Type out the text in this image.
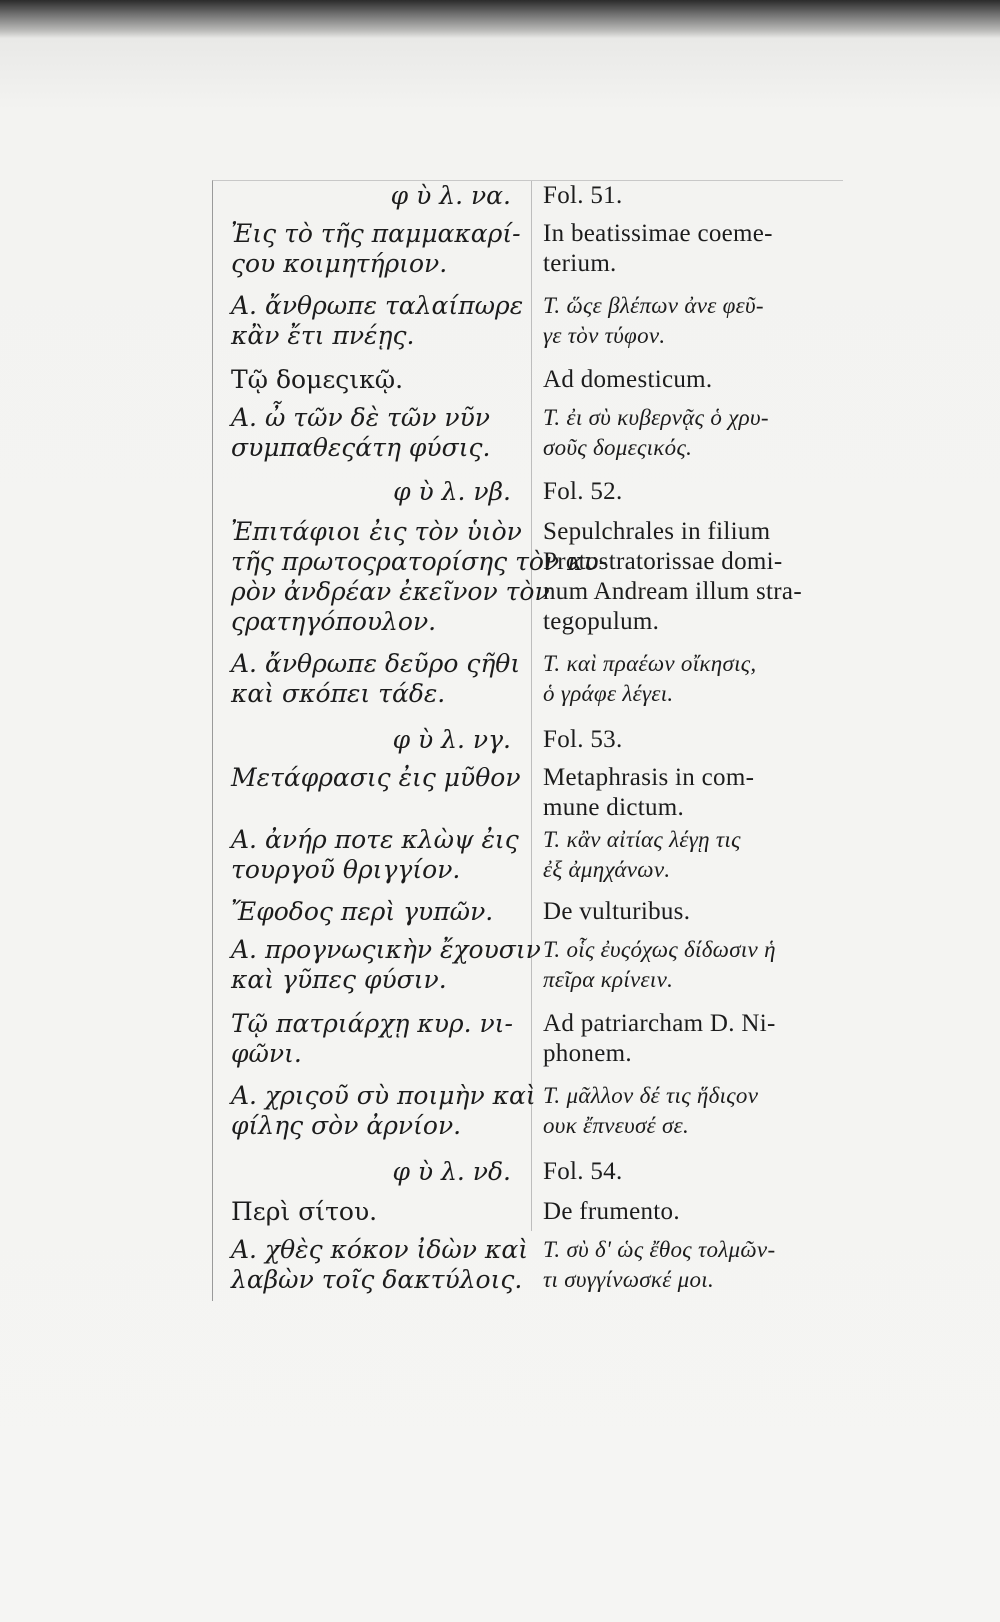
φ ὺ λ. να.
Ἐις τὸ τῆς παμμακαρί-
ςου κοιμητήριον.
Α. ἄνθρωπε ταλαίπωρε
κἂν ἔτι πνέῃς.
Τῷ δομεςικῷ.
Α. ὦ τῶν δὲ τῶν νῦν
συμπαθεςάτη φύσις.
φ ὺ λ. νβ.
Ἐπιτάφιοι ἐις τὸν ὑιὸν
τῆς πρωτοςρατορίσης τὸν κυ-
ρὸν ἀνδρέαν ἐκεῖνον τὸν
ςρατηγόπουλον.
Α. ἄνθρωπε δεῦρο ςῆθι
καὶ σκόπει τάδε.
φ ὺ λ. νγ.
Μετάφρασις ἐις μῦθον
Α. ἀνήρ ποτε κλὼψ ἐις
τουργοῦ θριγγίον.
Ἔφοδος περὶ γυπῶν.
Α. προγνωςικὴν ἔχουσιν
καὶ γῦπες φύσιν.
Τῷ πατριάρχῃ κυρ. νι-
φῶνι.
Α. χριςοῦ σὺ ποιμὴν καὶ
φίλης σὸν ἀρνίον.
φ ὺ λ. νδ.
Περὶ σίτου.
Α. χθὲς κόκον ἰδὼν καὶ
λαβὼν τοῖς δακτύλοις.
Fol. 51.
In beatissimae coeme-
terium.
T. ὥςε βλέπων ἀνε φεῦ-
γε τὸν τύφον.
Ad domesticum.
T. ἐι σὺ κυβερνᾷς ὁ χρυ-
σοῦς δομεςικός.
Fol. 52.
Sepulchrales in filium
Protostratorissae domi-
num Andream illum stra-
tegopulum.
T. καὶ πραέων οἴκησις,
ὁ γράφε λέγει.
Fol. 53.
Metaphrasis in com-
mune dictum.
T. κἂν αἰτίας λέγῃ τις
ἐξ ἀμηχάνων.
De vulturibus.
T. οἷς ἐυςόχως δίδωσιν ἡ
πεῖρα κρίνειν.
Ad patriarcham D. Ni-
phonem.
T. μᾶλλον δέ τις ἥδιςον
ουκ ἔπνευσέ σε.
Fol. 54.
De frumento.
T. σὺ δ' ὡς ἔθος τολμῶν-
τι συγγίνωσκέ μοι.
